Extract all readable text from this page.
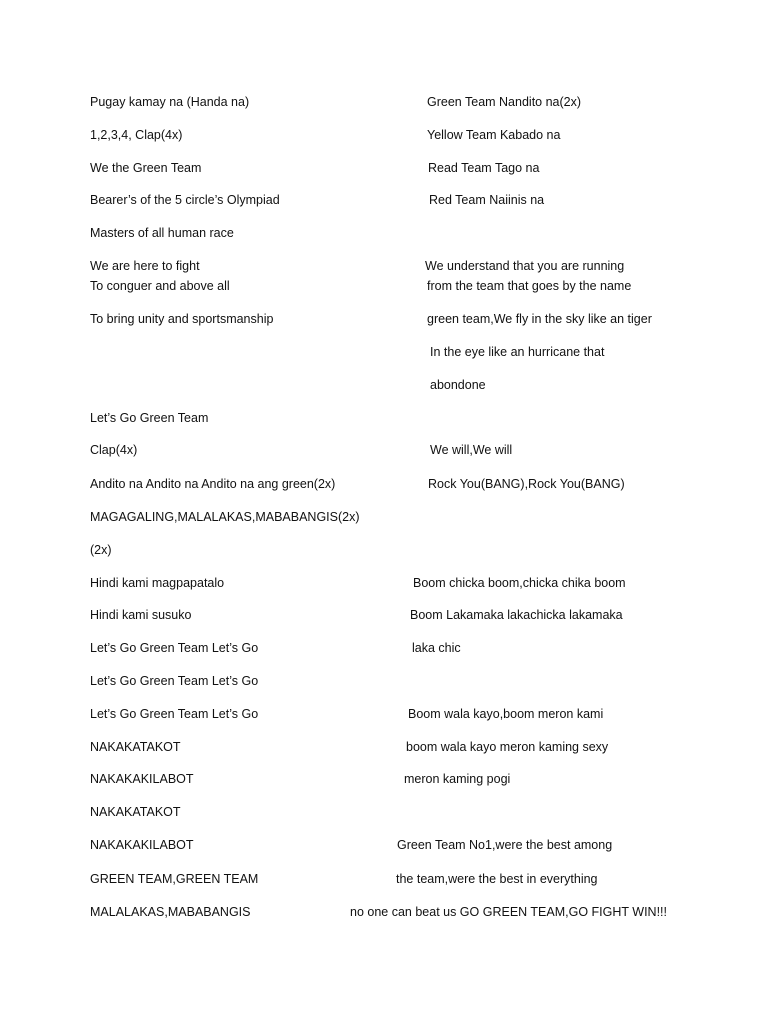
Pugay kamay na (Handa na)
1,2,3,4, Clap(4x)
We the Green Team
Bearer’s of the 5 circle’s Olympiad
Masters of all human race
We are here to fight
To conguer and above all
To bring unity and sportsmanship
Let’s Go Green Team
Clap(4x)
Andito na Andito na Andito na ang green(2x)
MAGAGALING,MALALAKAS,MABABANGIS(2x)
(2x)
Hindi kami magpapatalo
Hindi kami susuko
Let’s Go Green Team Let’s Go
Let’s Go Green Team Let’s Go
Let’s Go Green Team Let’s Go
NAKAKATAKOT
NAKAKAKILABOT
NAKAKATAKOT
NAKAKAKILABOT
GREEN TEAM,GREEN TEAM
MALALAKAS,MABABANGIS
Green Team Nandito na(2x)
Yellow Team Kabado na
Read Team Tago na
Red Team Naiinis na
We understand that you are running
from the team that goes by the name
green team,We fly in the sky like an tiger
In the eye like an hurricane that
abondone
We will,We will
Rock You(BANG),Rock You(BANG)
Boom chicka boom,chicka chika boom
Boom Lakamaka lakachicka lakamaka
laka chic
Boom wala kayo,boom meron kami
boom wala kayo meron kaming sexy
meron kaming pogi
Green Team No1,were the best among
the team,were the best in everything
no one can beat us GO GREEN TEAM,GO FIGHT WIN!!!
